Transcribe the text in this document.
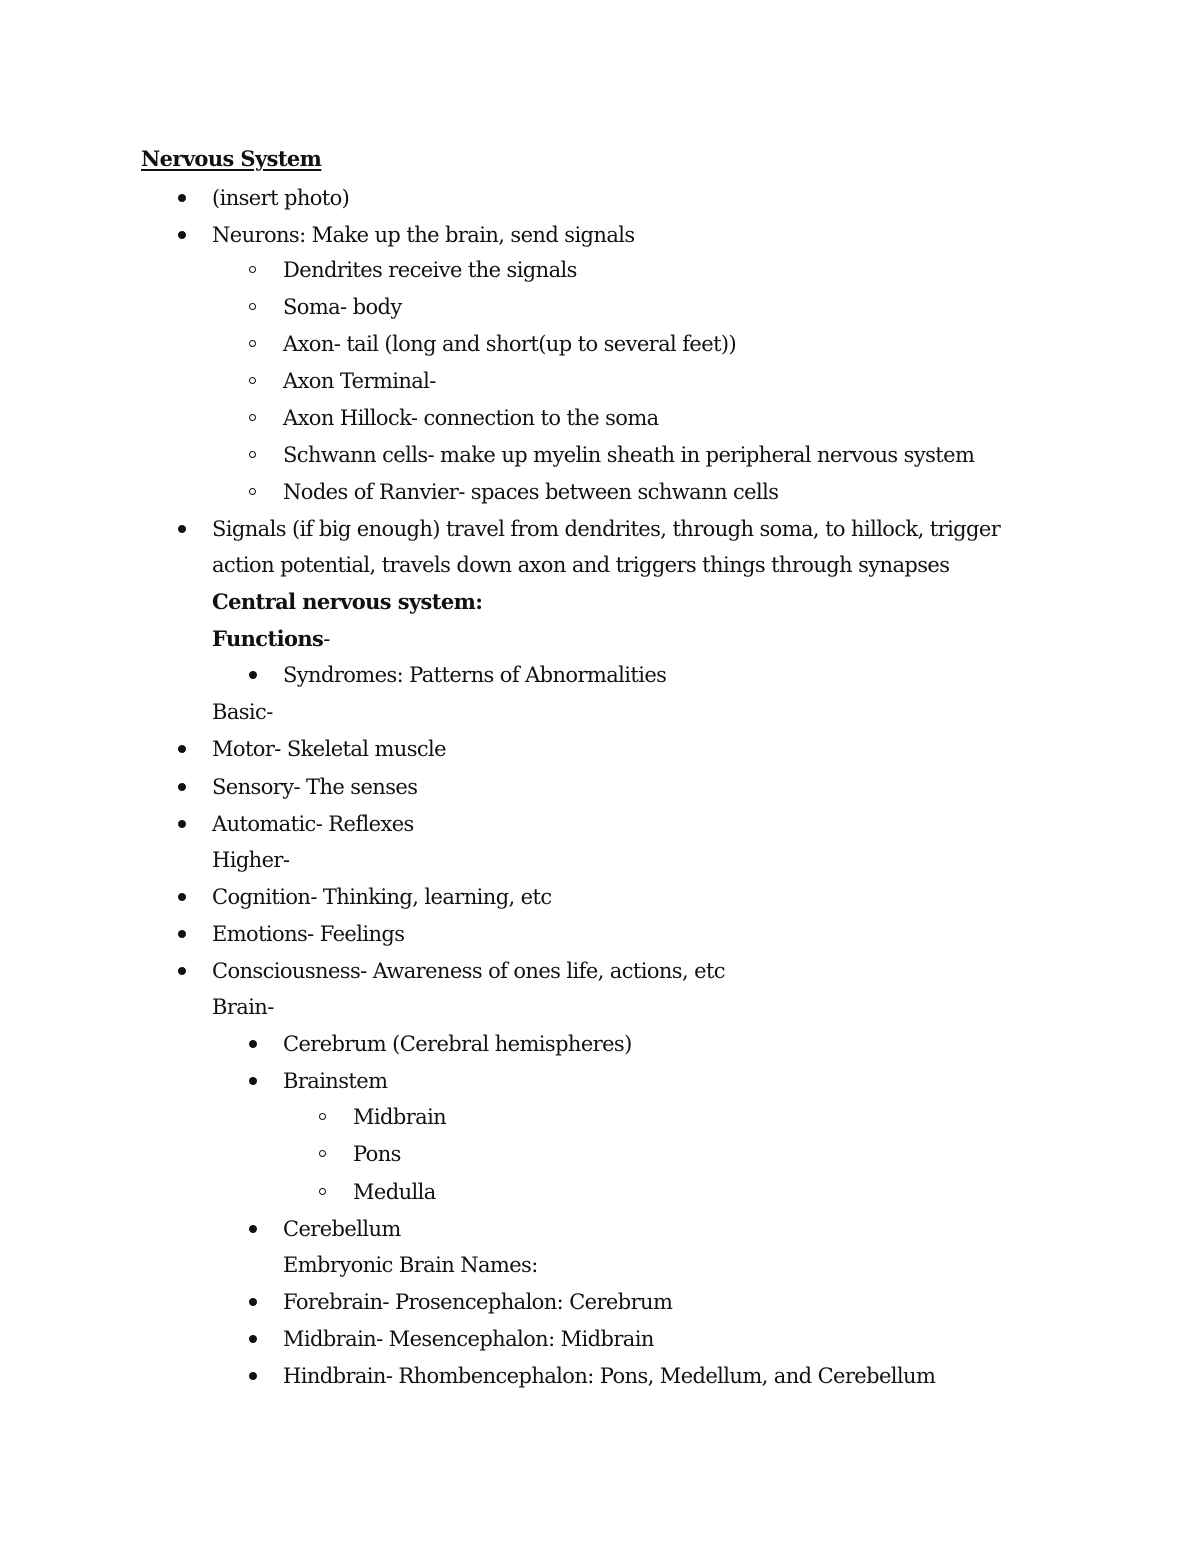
Nervous System
(insert photo)
Neurons: Make up the brain, send signals
Dendrites receive the signals
Soma- body
Axon- tail (long and short(up to several feet))
Axon Terminal-
Axon Hillock- connection to the soma
Schwann cells- make up myelin sheath in peripheral nervous system
Nodes of Ranvier- spaces between schwann cells
Signals (if big enough) travel from dendrites, through soma, to hillock, trigger
action potential, travels down axon and triggers things through synapses
Central nervous system:
Functions-
Syndromes: Patterns of Abnormalities
Basic-
Motor- Skeletal muscle
Sensory- The senses
Automatic- Reflexes
Higher-
Cognition- Thinking, learning, etc
Emotions- Feelings
Consciousness- Awareness of ones life, actions, etc
Brain-
Cerebrum (Cerebral hemispheres)
Brainstem
Midbrain
Pons
Medulla
Cerebellum
Embryonic Brain Names:
Forebrain- Prosencephalon: Cerebrum
Midbrain- Mesencephalon: Midbrain
Hindbrain- Rhombencephalon: Pons, Medellum, and Cerebellum
